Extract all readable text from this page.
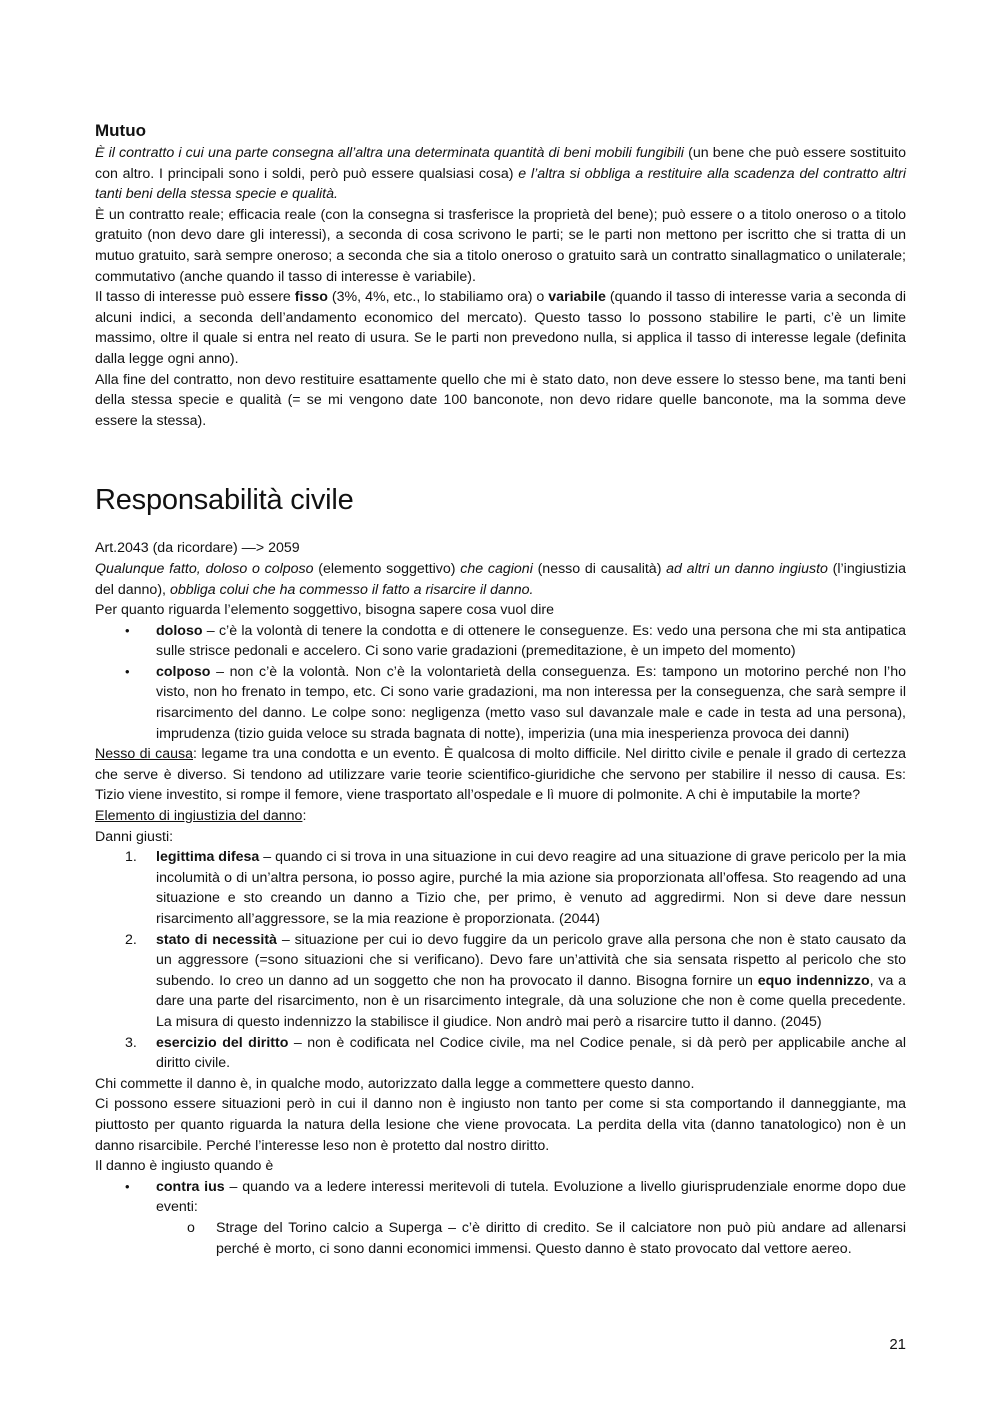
Mutuo

È il contratto i cui una parte consegna all’altra una determinata quantità di beni mobili fungibili (un bene che può essere sostituito con altro. I principali sono i soldi, però può essere qualsiasi cosa) e l’altra si obbliga a restituire alla scadenza del contratto altri tanti beni della stessa specie e qualità.

È un contratto reale; efficacia reale (con la consegna si trasferisce la proprietà del bene); può essere o a titolo oneroso o a titolo gratuito (non devo dare gli interessi), a seconda di cosa scrivono le parti; se le parti non mettono per iscritto che si tratta di un mutuo gratuito, sarà sempre oneroso; a seconda che sia a titolo oneroso o gratuito sarà un contratto sinallagmatico o unilaterale; commutativo (anche quando il tasso di interesse è variabile).

Il tasso di interesse può essere fisso (3%, 4%, etc., lo stabiliamo ora) o variabile (quando il tasso di interesse varia a seconda di alcuni indici, a seconda dell’andamento economico del mercato). Questo tasso lo possono stabilire le parti, c’è un limite massimo, oltre il quale si entra nel reato di usura. Se le parti non prevedono nulla, si applica il tasso di interesse legale (definita dalla legge ogni anno).

Alla fine del contratto, non devo restituire esattamente quello che mi è stato dato, non deve essere lo stesso bene, ma tanti beni della stessa specie e qualità (= se mi vengono date 100 banconote, non devo ridare quelle banconote, ma la somma deve essere la stessa).

Responsabilità civile

Art.2043 (da ricordare) —> 2059

Qualunque fatto, doloso o colposo (elemento soggettivo) che cagioni (nesso di causalità) ad altri un danno ingiusto (l’ingiustizia del danno), obbliga colui che ha commesso il fatto a risarcire il danno.

Per quanto riguarda l’elemento soggettivo, bisogna sapere cosa vuol dire

• doloso – c’è la volontà di tenere la condotta e di ottenere le conseguenze. Es: vedo una persona che mi sta antipatica sulle strisce pedonali e accelero. Ci sono varie gradazioni (premeditazione, è un impeto del momento)
• colposo – non c’è la volontà. Non c’è la volontarietà della conseguenza. Es: tampono un motorino perché non l’ho visto, non ho frenato in tempo, etc. Ci sono varie gradazioni, ma non interessa per la conseguenza, che sarà sempre il risarcimento del danno. Le colpe sono: negligenza (metto vaso sul davanzale male e cade in testa ad una persona), imprudenza (tizio guida veloce su strada bagnata di notte), imperizia (una mia inesperienza provoca dei danni)

Nesso di causa: legame tra una condotta e un evento. È qualcosa di molto difficile. Nel diritto civile e penale il grado di certezza che serve è diverso. Si tendono ad utilizzare varie teorie scientifico-giuridiche che servono per stabilire il nesso di causa. Es: Tizio viene investito, si rompe il femore, viene trasportato all’ospedale e lì muore di polmonite. A chi è imputabile la morte?

Elemento di ingiustizia del danno:

Danni giusti:

1. legittima difesa – quando ci si trova in una situazione in cui devo reagire ad una situazione di grave pericolo per la mia incolumità o di un’altra persona, io posso agire, purché la mia azione sia proporzionata all’offesa. Sto reagendo ad una situazione e sto creando un danno a Tizio che, per primo, è venuto ad aggredirmi. Non si deve dare nessun risarcimento all’aggressore, se la mia reazione è proporzionata. (2044)
2. stato di necessità – situazione per cui io devo fuggire da un pericolo grave alla persona che non è stato causato da un aggressore (=sono situazioni che si verificano). Devo fare un’attività che sia sensata rispetto al pericolo che sto subendo. Io creo un danno ad un soggetto che non ha provocato il danno. Bisogna fornire un equo indennizzo, va a dare una parte del risarcimento, non è un risarcimento integrale, dà una soluzione che non è come quella precedente. La misura di questo indennizzo la stabilisce il giudice. Non andrò mai però a risarcire tutto il danno. (2045)
3. esercizio del diritto – non è codificata nel Codice civile, ma nel Codice penale, si dà però per applicabile anche al diritto civile.

Chi commette il danno è, in qualche modo, autorizzato dalla legge a commettere questo danno.

Ci possono essere situazioni però in cui il danno non è ingiusto non tanto per come si sta comportando il danneggiante, ma piuttosto per quanto riguarda la natura della lesione che viene provocata. La perdita della vita (danno tanatologico) non è un danno risarcibile. Perché l’interesse leso non è protetto dal nostro diritto.

Il danno è ingiusto quando è

• contra ius – quando va a ledere interessi meritevoli di tutela. Evoluzione a livello giurisprudenziale enorme dopo due eventi:
o Strage del Torino calcio a Superga – c’è diritto di credito. Se il calciatore non può più andare ad allenarsi perché è morto, ci sono danni economici immensi. Questo danno è stato provocato dal vettore aereo.
21
